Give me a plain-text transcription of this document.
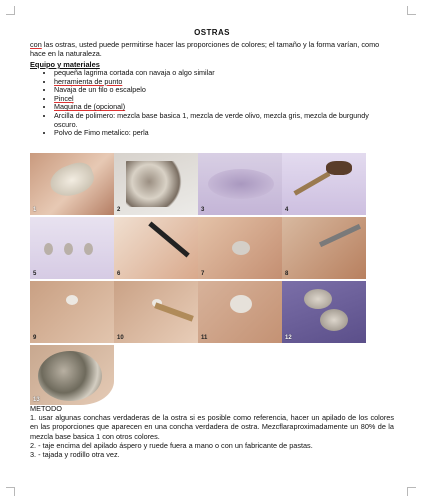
OSTRAS

con las ostras, usted puede permitirse hacer las proporciones de colores; el tamaño y la forma varían, como hace en la naturaleza.

Equipo y materiales
• pequeña lagrima cortada con navaja o algo similar
• herramienta de punto
• Navaja de un filo o escalpelo
• Pincel
• Maquina de (opcional)
• Arcilla de polimero: mezcla base basica 1, mezcla de verde olivo, mezcla gris, mezcla de burgundy oscuro.
• Polvo de Fimo metalico: perla
1	2	3	4
5	6	7	8
9	10	11	12
13
METODO

1. usar algunas conchas verdaderas de la ostra si es posible como referencia, hacer un apilado de los colores en las proporciones que aparecen en una concha verdadera de ostra. Mezcflaraproximadamente un 80% de la mezcla base basica 1 con otros colores.

2. - taje encima del apilado áspero y ruede fuera a mano o con un fabricante de pastas.

3. - tajada y rodillo otra vez.
